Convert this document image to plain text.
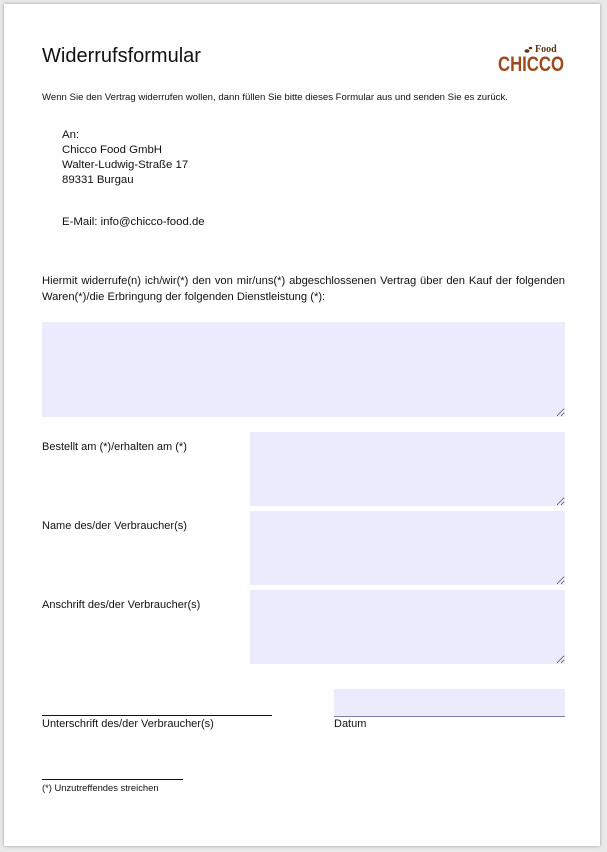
Widerrufsformular	Food
CHICCO
Wenn Sie den Vertrag widerrufen wollen, dann füllen Sie bitte dieses Formular aus und senden Sie es zurück.
An:
Chicco Food GmbH
Walter-Ludwig-Straße 17
89331 Burgau
E-Mail: info@chicco-food.de

Hiermit widerrufe(n) ich/wir(*) den von mir/uns(*) abgeschlossenen Vertrag über den Kauf der folgenden Waren(*)/die Erbringung der folgenden Dienstleistung (*):

Bestellt am (*)/erhalten am (*)
Name des/der Verbraucher(s)
Anschrift des/der Verbraucher(s)
Unterschrift des/der Verbraucher(s)	Datum
(*) Unzutreffendes streichen
